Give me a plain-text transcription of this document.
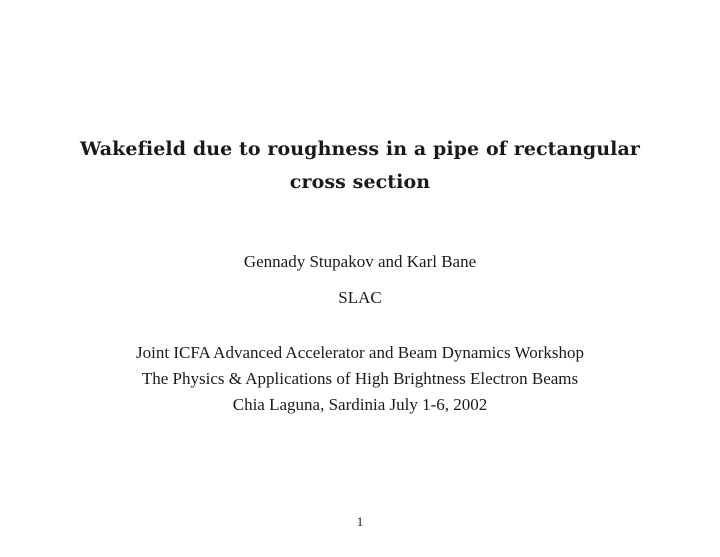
Wakefield due to roughness in a pipe of rectangular
cross section
Gennady Stupakov and Karl Bane
SLAC
Joint ICFA Advanced Accelerator and Beam Dynamics Workshop
The Physics & Applications of High Brightness Electron Beams
Chia Laguna, Sardinia July 1-6, 2002
1
